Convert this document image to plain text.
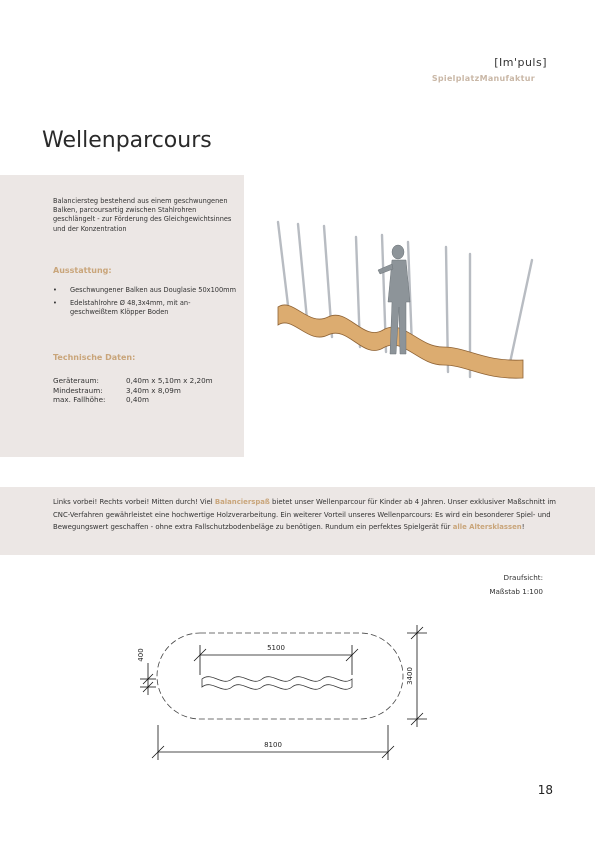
[Im'puls]
SpielplatzManufaktur
Wellenparcours
Balanciersteg bestehend aus einem geschwungenen Balken, parcoursartig zwischen Stahlrohren geschlängelt - zur Förderung des Gleichgewichtsinnes und der Konzentration
Ausstattung:
• Geschwungener Balken aus Douglasie 50x100mm
• Edelstahlrohre Ø 48,3x4mm, mit an-geschweißtem Klöpper Boden
Technische Daten:
Geräteraum:	0,40m x 5,10m x 2,20m
Mindestraum:	3,40m x 8,09m
max. Fallhöhe:	0,40m
Links vorbei! Rechts vorbei! Mitten durch! Viel Balancierspaß bietet unser Wellenparcour für Kinder ab 4 Jahren. Unser exklusiver Maßschnitt im CNC-Verfahren gewährleistet eine hochwertige Holzverarbeitung. Ein weiterer Vorteil unseres Wellenparcours: Es wird ein besonderer Spiel- und Bewegungswert geschaffen - ohne extra Fallschutzbodenbeläge zu benötigen. Rundum ein perfektes Spielgerät für alle Altersklassen!
Draufsicht:
Maßstab 1:100
5100
8100
3400
400
18
